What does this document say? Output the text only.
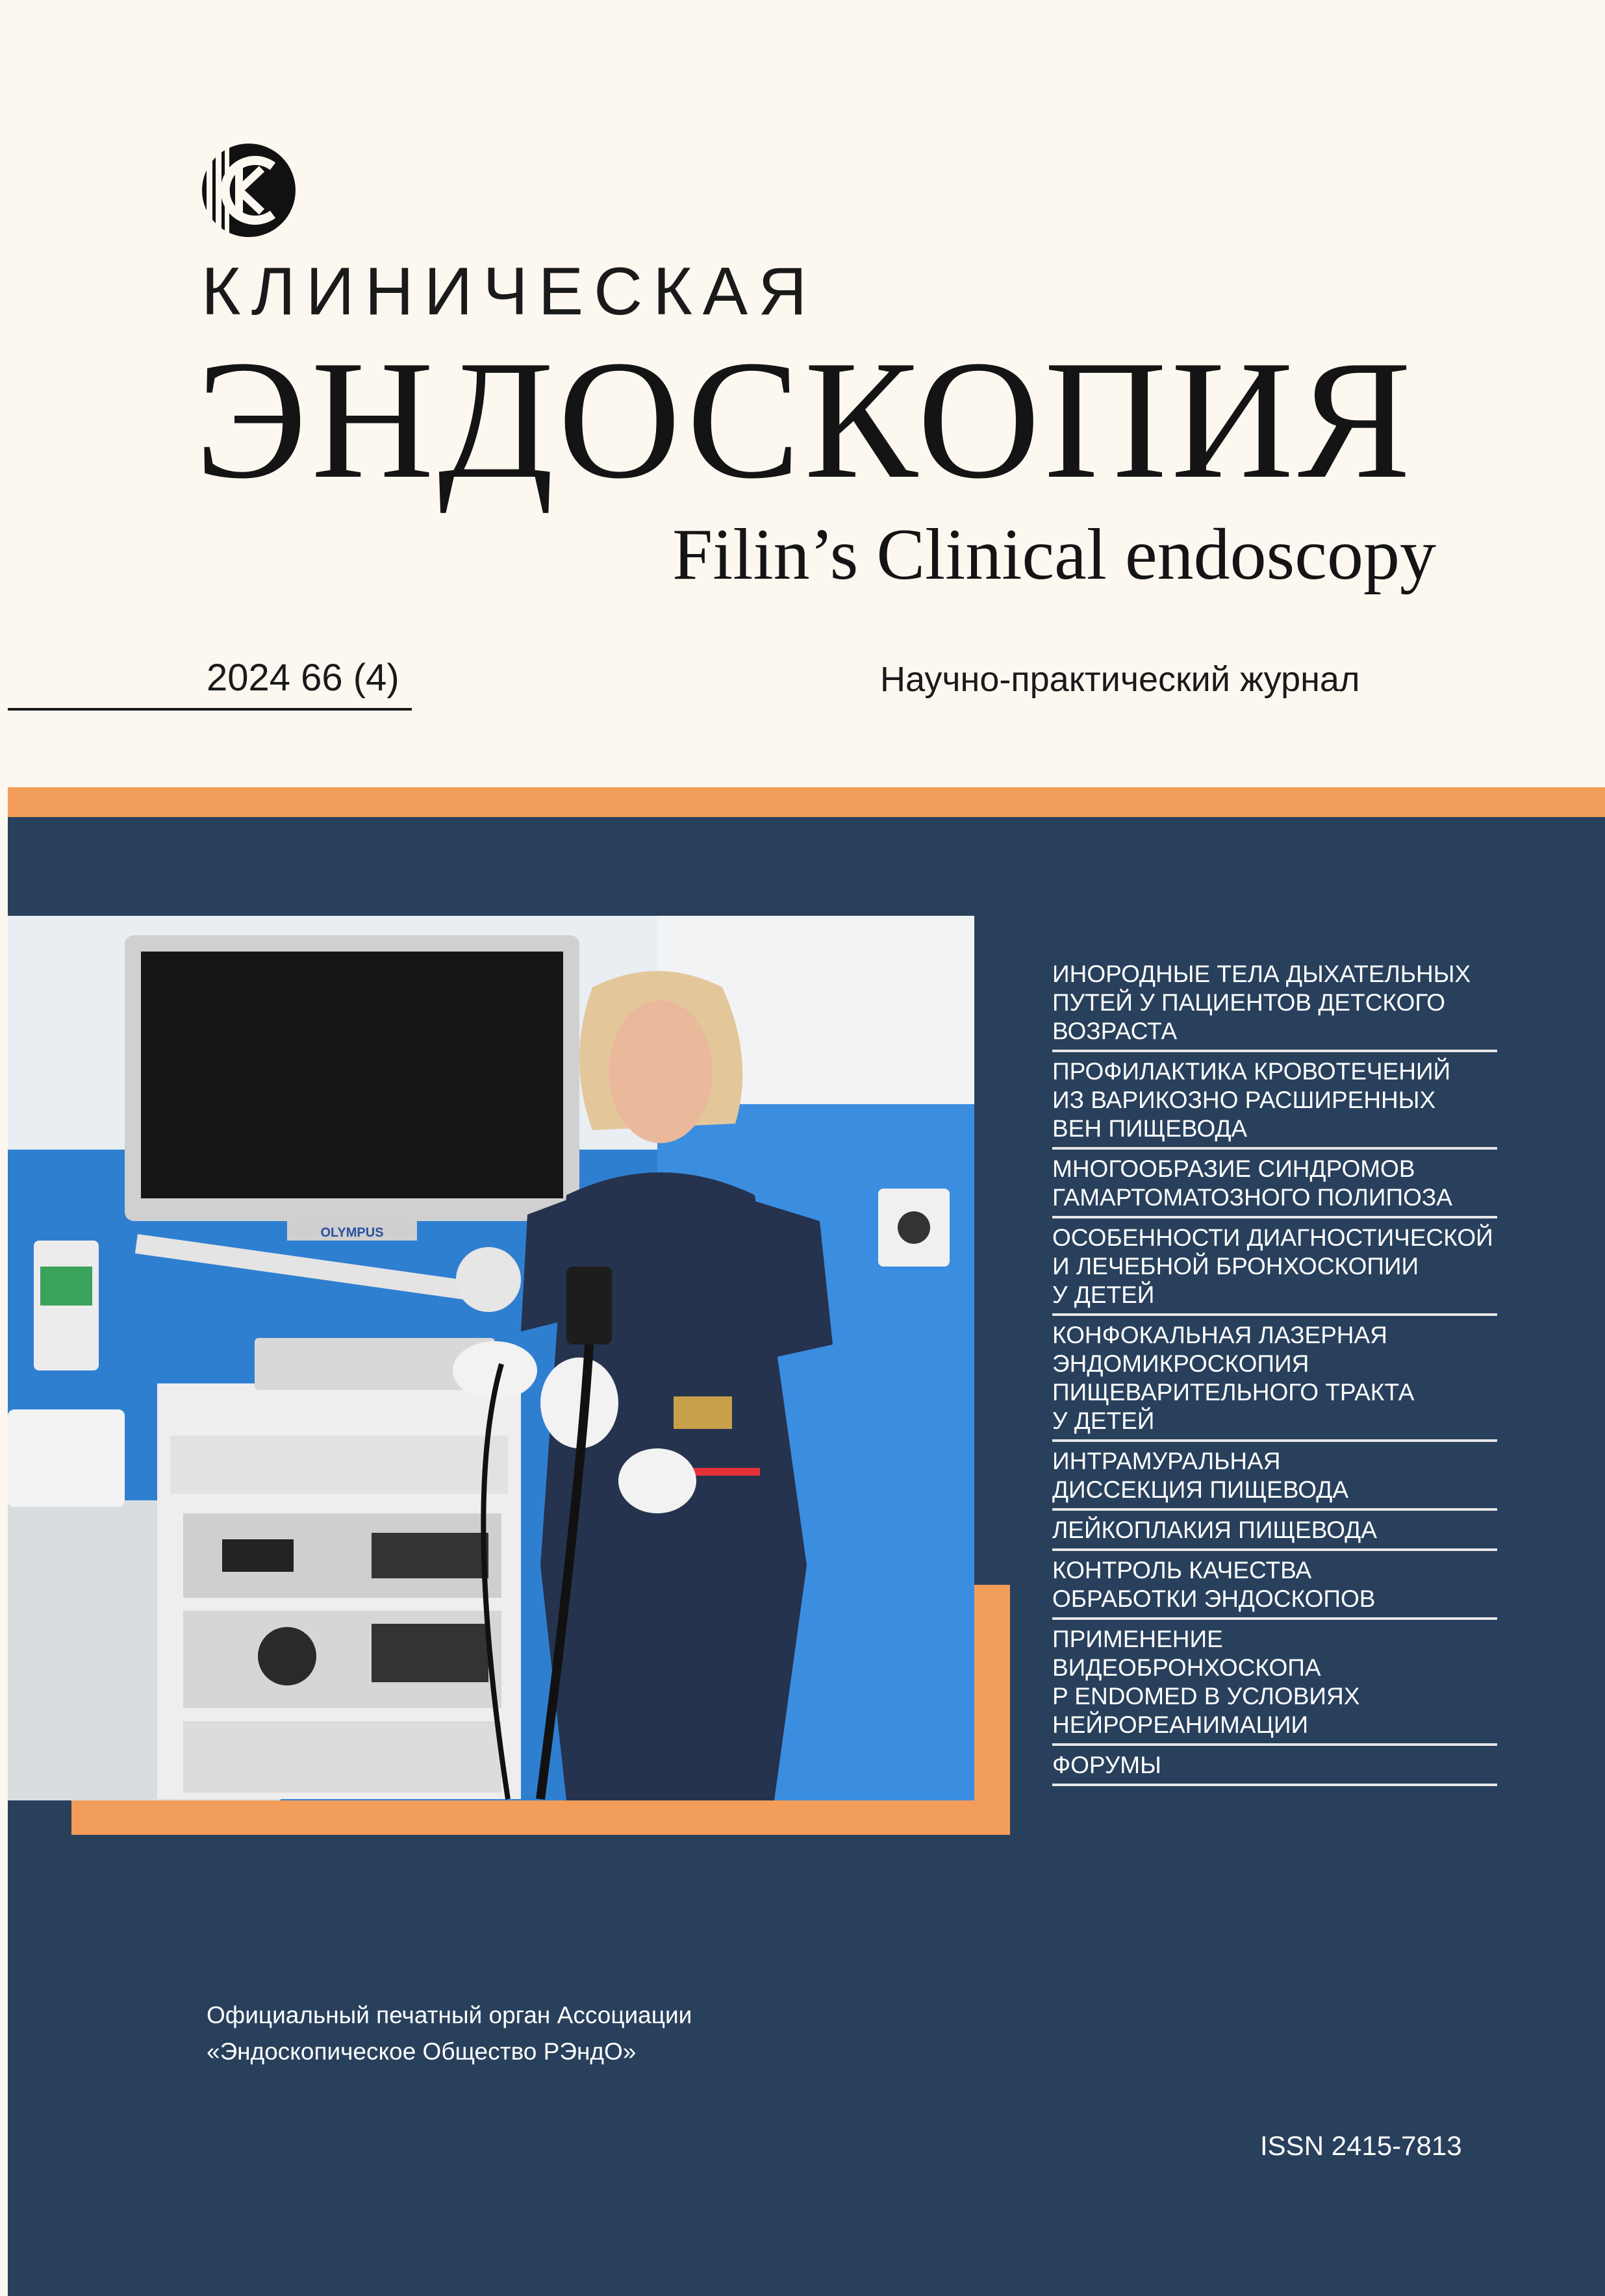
КЛИНИЧЕСКАЯ
ЭНДОСКОПИЯ
Filin’s Clinical endoscopy
2024 66 (4)	Научно-практический журнал
OLYMPUS
ИНОРОДНЫЕ ТЕЛА ДЫХАТЕЛЬНЫХ
ПУТЕЙ У ПАЦИЕНТОВ ДЕТСКОГО
ВОЗРАСТА
ПРОФИЛАКТИКА КРОВОТЕЧЕНИЙ
ИЗ ВАРИКОЗНО РАСШИРЕННЫХ
ВЕН ПИЩЕВОДА
МНОГООБРАЗИЕ СИНДРОМОВ
ГАМАРТОМАТОЗНОГО ПОЛИПОЗА
ОСОБЕННОСТИ ДИАГНОСТИЧЕСКОЙ
И ЛЕЧЕБНОЙ БРОНХОСКОПИИ
У ДЕТЕЙ
КОНФОКАЛЬНАЯ ЛАЗЕРНАЯ
ЭНДОМИКРОСКОПИЯ
ПИЩЕВАРИТЕЛЬНОГО ТРАКТА
У ДЕТЕЙ
ИНТРАМУРАЛЬНАЯ
ДИССЕКЦИЯ ПИЩЕВОДА
ЛЕЙКОПЛАКИЯ ПИЩЕВОДА
КОНТРОЛЬ КАЧЕСТВА
ОБРАБОТКИ ЭНДОСКОПОВ
ПРИМЕНЕНИЕ ВИДЕОБРОНХОСКОПА
P ENDOMED В УСЛОВИЯХ
НЕЙРОРЕАНИМАЦИИ
ФОРУМЫ
Официальный печатный орган Ассоциации
«Эндоскопическое Общество РЭндО»
ISSN 2415-7813
